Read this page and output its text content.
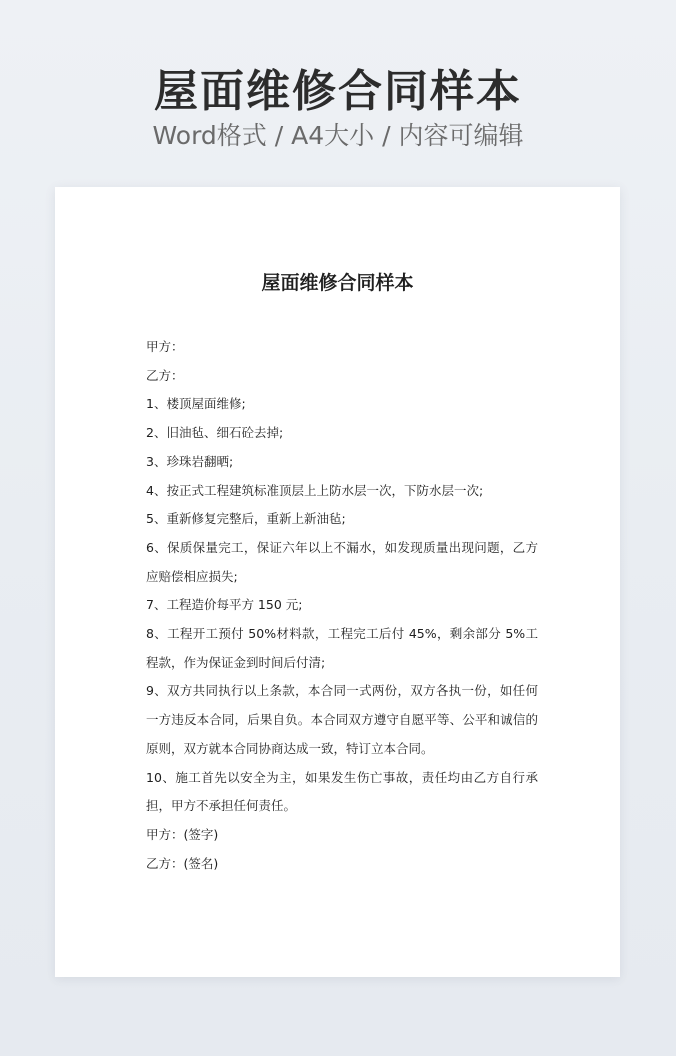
屋面维修合同样本
Word格式 / A4大小 / 内容可编辑
屋面维修合同样本
甲方：
乙方：
1、楼顶屋面维修;
2、旧油毡、细石砼去掉;
3、珍珠岩翻晒;
4、按正式工程建筑标准顶层上上防水层一次，下防水层一次;
5、重新修复完整后，重新上新油毡;
6、保质保量完工，保证六年以上不漏水，如发现质量出现问题，乙方应赔偿相应损失;
7、工程造价每平方 150 元;
8、工程开工预付 50%材料款，工程完工后付 45%，剩余部分 5%工程款，作为保证金到时间后付清;
9、双方共同执行以上条款，本合同一式两份，双方各执一份，如任何一方违反本合同，后果自负。本合同双方遵守自愿平等、公平和诚信的原则，双方就本合同协商达成一致，特订立本合同。
10、施工首先以安全为主，如果发生伤亡事故，责任均由乙方自行承担，甲方不承担任何责任。
甲方：(签字)
乙方：(签名)
